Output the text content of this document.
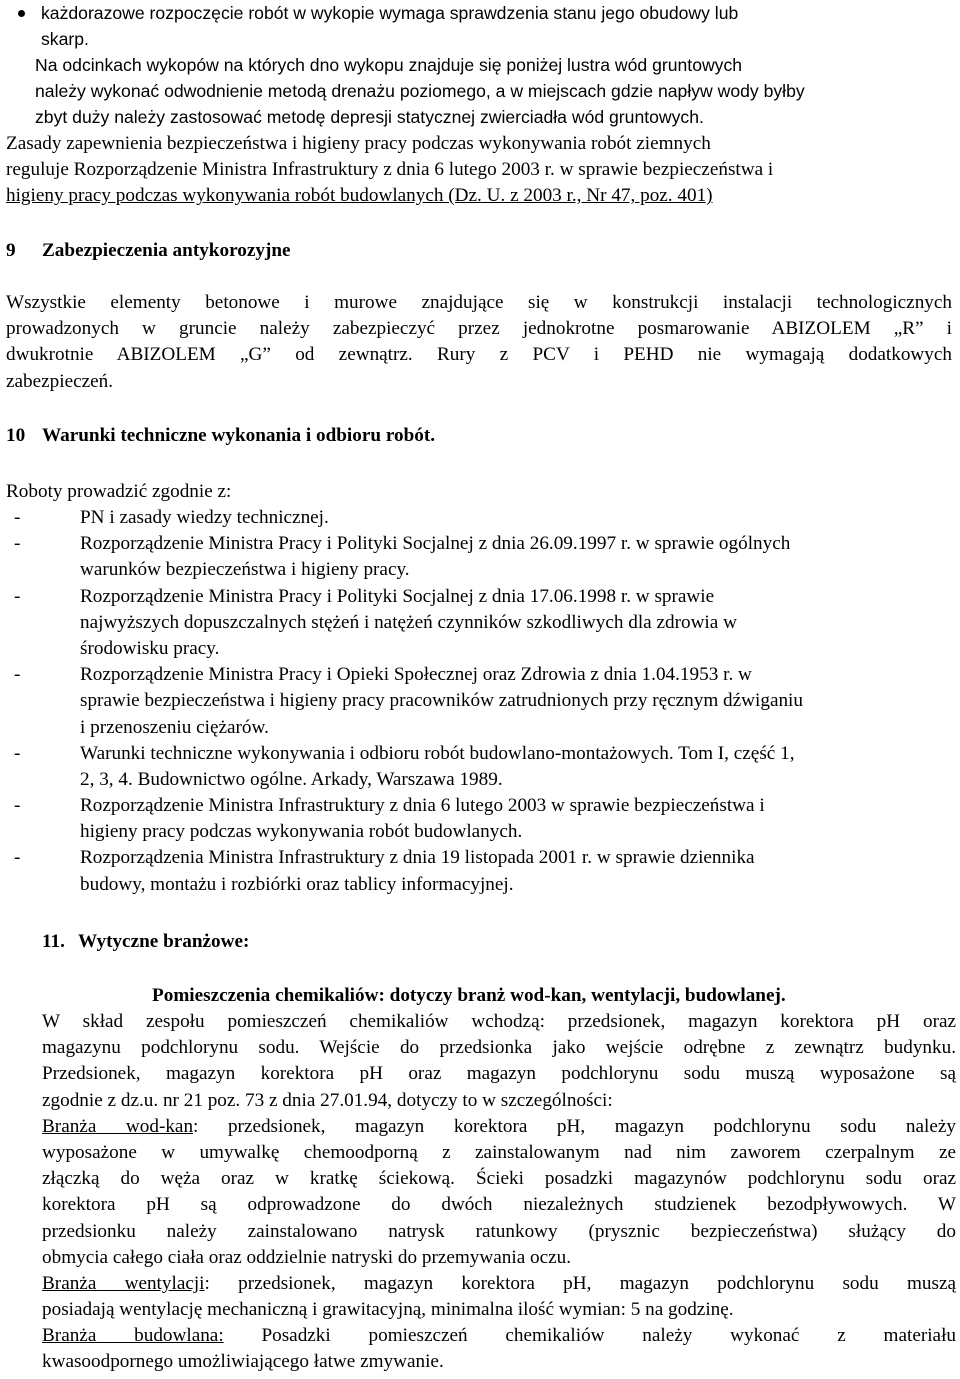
każdorazowe rozpoczęcie robót w wykopie wymaga sprawdzenia stanu jego obudowy lub
skarp.
Na odcinkach wykopów na których dno wykopu znajduje się poniżej lustra wód gruntowych
należy wykonać odwodnienie metodą drenażu poziomego, a w miejscach gdzie napływ wody byłby
zbyt duży należy zastosować metodę depresji statycznej zwierciadła wód gruntowych.
Zasady zapewnienia bezpieczeństwa i higieny pracy podczas wykonywania robót ziemnych
reguluje Rozporządzenie Ministra Infrastruktury z dnia 6 lutego 2003 r. w sprawie bezpieczeństwa i
higieny pracy podczas wykonywania robót budowlanych (Dz. U. z 2003 r., Nr 47, poz. 401)
9 Zabezpieczenia antykorozyjne
Wszystkie elementy betonowe i murowe znajdujące się w konstrukcji instalacji technologicznych
prowadzonych w gruncie należy zabezpieczyć przez jednokrotne posmarowanie ABIZOLEM „R” i
dwukrotnie ABIZOLEM „G” od zewnątrz. Rury z PCV i PEHD nie wymagają dodatkowych
zabezpieczeń.
10 Warunki techniczne wykonania i odbioru robót.
Roboty prowadzić zgodnie z:
-	PN i zasady wiedzy technicznej.
-	Rozporządzenie Ministra Pracy i Polityki Socjalnej z dnia 26.09.1997 r. w sprawie ogólnych
warunków bezpieczeństwa i higieny pracy.
-	Rozporządzenie Ministra Pracy i Polityki Socjalnej z dnia 17.06.1998 r. w sprawie
najwyższych dopuszczalnych stężeń i natężeń czynników szkodliwych dla zdrowia w
środowisku pracy.
-	Rozporządzenie Ministra Pracy i Opieki Społecznej oraz Zdrowia z dnia 1.04.1953 r. w
sprawie bezpieczeństwa i higieny pracy pracowników zatrudnionych przy ręcznym dźwiganiu
i przenoszeniu ciężarów.
-	Warunki techniczne wykonywania i odbioru robót budowlano-montażowych. Tom I, część 1,
2, 3, 4. Budownictwo ogólne. Arkady, Warszawa 1989.
-	Rozporządzenie Ministra Infrastruktury z dnia 6 lutego 2003 w sprawie bezpieczeństwa i
higieny pracy podczas wykonywania robót budowlanych.
-	Rozporządzenia Ministra Infrastruktury z dnia 19 listopada 2001 r. w sprawie dziennika
budowy, montażu i rozbiórki oraz tablicy informacyjnej.
11. Wytyczne branżowe:
Pomieszczenia chemikaliów: dotyczy branż wod-kan, wentylacji, budowlanej.
W skład zespołu pomieszczeń chemikaliów wchodzą: przedsionek, magazyn korektora pH oraz
magazynu podchlorynu sodu. Wejście do przedsionka jako wejście odrębne z zewnątrz budynku.
Przedsionek, magazyn korektora pH oraz magazyn podchlorynu sodu muszą wyposażone są
zgodnie z dz.u. nr 21 poz. 73 z dnia 27.01.94, dotyczy to w szczególności:
Branża wod-kan: przedsionek, magazyn korektora pH, magazyn podchlorynu sodu należy
wyposażone w umywalkę chemoodporną z zainstalowanym nad nim zaworem czerpalnym ze
złączką do węża oraz w kratkę ściekową. Ścieki posadzki magazynów podchlorynu sodu oraz
korektora pH są odprowadzone do dwóch niezależnych studzienek bezodpływowych. W
przedsionku należy zainstalowano natrysk ratunkowy (prysznic bezpieczeństwa) służący do
obmycia całego ciała oraz oddzielnie natryski do przemywania oczu.
Branża wentylacji: przedsionek, magazyn korektora pH, magazyn podchlorynu sodu muszą
posiadają wentylację mechaniczną i grawitacyjną, minimalna ilość wymian: 5 na godzinę.
Branża budowlana: Posadzki pomieszczeń chemikaliów należy wykonać z materiału
kwasoodpornego umożliwiającego łatwe zmywanie.
